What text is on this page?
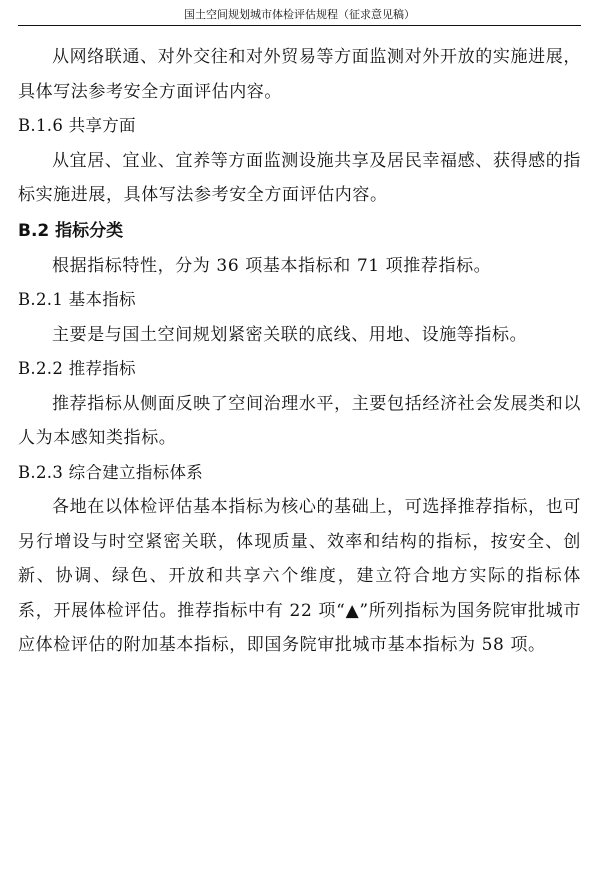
国土空间规划城市体检评估规程（征求意见稿）

从网络联通、对外交往和对外贸易等方面监测对外开放的实施进展，具体写法参考安全方面评估内容。

B.1.6 共享方面

从宜居、宜业、宜养等方面监测设施共享及居民幸福感、获得感的指标实施进展，具体写法参考安全方面评估内容。

B.2 指标分类

根据指标特性，分为 36 项基本指标和 71 项推荐指标。

B.2.1 基本指标

主要是与国土空间规划紧密关联的底线、用地、设施等指标。

B.2.2 推荐指标

推荐指标从侧面反映了空间治理水平，主要包括经济社会发展类和以人为本感知类指标。

B.2.3 综合建立指标体系

各地在以体检评估基本指标为核心的基础上，可选择推荐指标，也可另行增设与时空紧密关联，体现质量、效率和结构的指标，按安全、创新、协调、绿色、开放和共享六个维度，建立符合地方实际的指标体系，开展体检评估。推荐指标中有 22 项“▲”所列指标为国务院审批城市应体检评估的附加基本指标，即国务院审批城市基本指标为 58 项。
